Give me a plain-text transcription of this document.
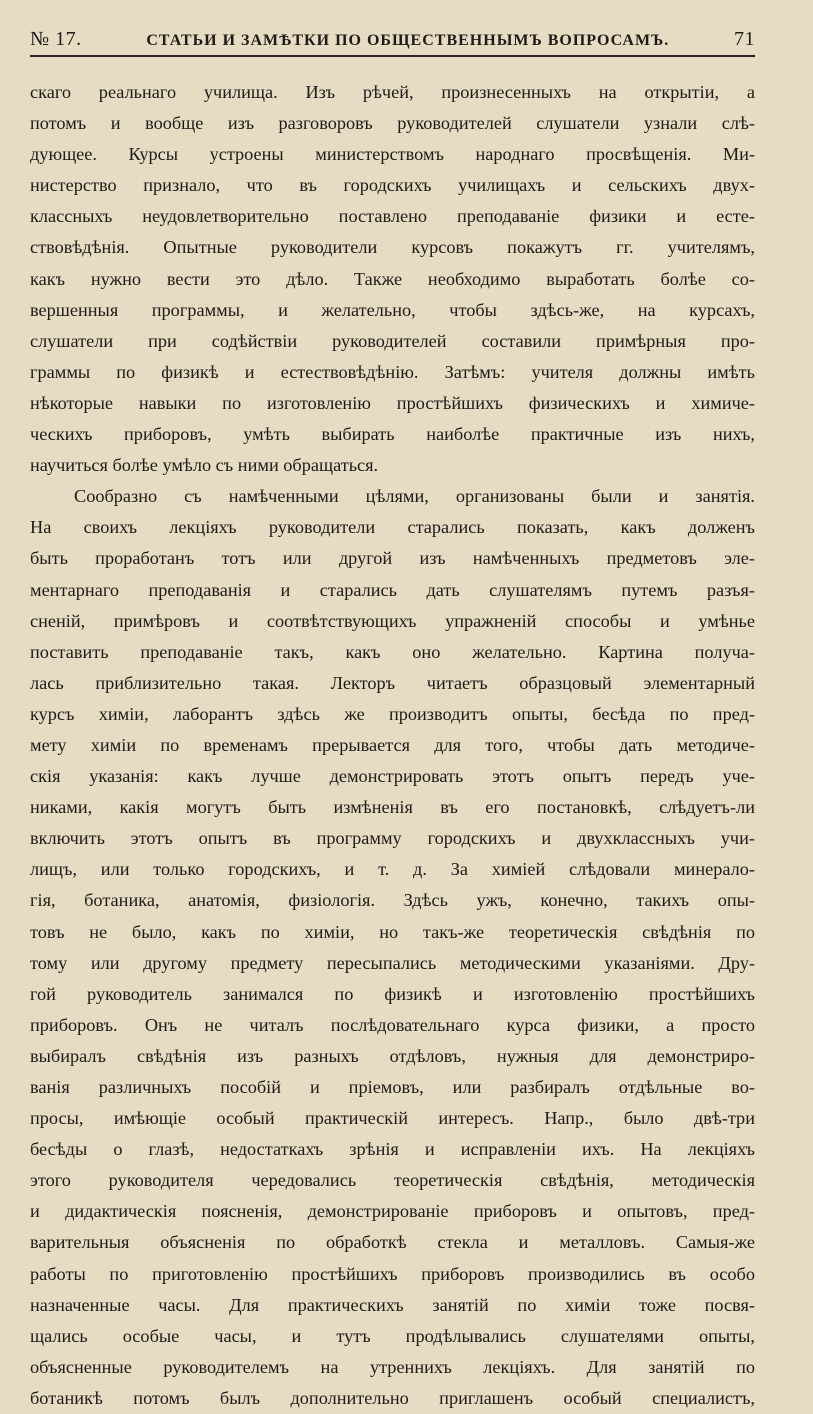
№ 17.	СТАТЬИ И ЗАМѢТКИ ПО ОБЩЕСТВЕННЫМЪ ВОПРОСАМЪ.	71
скаго реальнаго училища. Изъ рѣчей, произнесенныхъ на открытіи, а
потомъ и вообще изъ разговоровъ руководителей слушатели узнали слѣ-
дующее. Курсы устроены министерствомъ народнаго просвѣщенія. Ми-
нистерство признало, что въ городскихъ училищахъ и сельскихъ двух-
классныхъ неудовлетворительно поставлено преподаваніе физики и есте-
ствовѣдѣнія. Опытные руководители курсовъ покажутъ гг. учителямъ,
какъ нужно вести это дѣло. Также необходимо выработать болѣе со-
вершенныя программы, и желательно, чтобы здѣсь-же, на курсахъ,
слушатели при содѣйствіи руководителей составили примѣрныя про-
граммы по физикѣ и естествовѣдѣнію. Затѣмъ: учителя должны имѣть
нѣкоторые навыки по изготовленію простѣйшихъ физическихъ и химиче-
ческихъ приборовъ, умѣть выбирать наиболѣе практичные изъ нихъ,
научиться болѣе умѣло съ ними обращаться.
Сообразно съ намѣченными цѣлями, организованы были и занятія.
На своихъ лекціяхъ руководители старались показать, какъ долженъ
быть проработанъ тотъ или другой изъ намѣченныхъ предметовъ эле-
ментарнаго преподаванія и старались дать слушателямъ путемъ разъя-
сненій, примѣровъ и соотвѣтствующихъ упражненій способы и умѣнье
поставить преподаваніе такъ, какъ оно желательно. Картина получа-
лась приблизительно такая. Лекторъ читаетъ образцовый элементарный
курсъ химіи, лаборантъ здѣсь же производитъ опыты, бесѣда по пред-
мету химіи по временамъ прерывается для того, чтобы дать методиче-
скія указанія: какъ лучше демонстрировать этотъ опытъ передъ уче-
никами, какія могутъ быть измѣненія въ его постановкѣ, слѣдуетъ-ли
включить этотъ опытъ въ программу городскихъ и двухклассныхъ учи-
лищъ, или только городскихъ, и т. д. За химіей слѣдовали минерало-
гія, ботаника, анатомія, физіологія. Здѣсь ужъ, конечно, такихъ опы-
товъ не было, какъ по химіи, но такъ-же теоретическія свѣдѣнія по
тому или другому предмету пересыпались методическими указаніями. Дру-
гой руководитель занимался по физикѣ и изготовленію простѣйшихъ
приборовъ. Онъ не читалъ послѣдовательнаго курса физики, а просто
выбиралъ свѣдѣнія изъ разныхъ отдѣловъ, нужныя для демонстриро-
ванія различныхъ пособій и пріемовъ, или разбиралъ отдѣльные во-
просы, имѣющіе особый практическій интересъ. Напр., было двѣ-три
бесѣды о глазѣ, недостаткахъ зрѣнія и исправленіи ихъ. На лекціяхъ
этого руководителя чередовались теоретическія свѣдѣнія, методическія
и дидактическія поясненія, демонстрированіе приборовъ и опытовъ, пред-
варительныя объясненія по обработкѣ стекла и металловъ. Самыя-же
работы по приготовленію простѣйшихъ приборовъ производились въ особо
назначенные часы. Для практическихъ занятій по химіи тоже посвя-
щались особые часы, и тутъ продѣлывались слушателями опыты,
объясненные руководителемъ на утреннихъ лекціяхъ. Для занятій по
ботаникѣ потомъ былъ дополнительно приглашенъ особый специалистъ,
